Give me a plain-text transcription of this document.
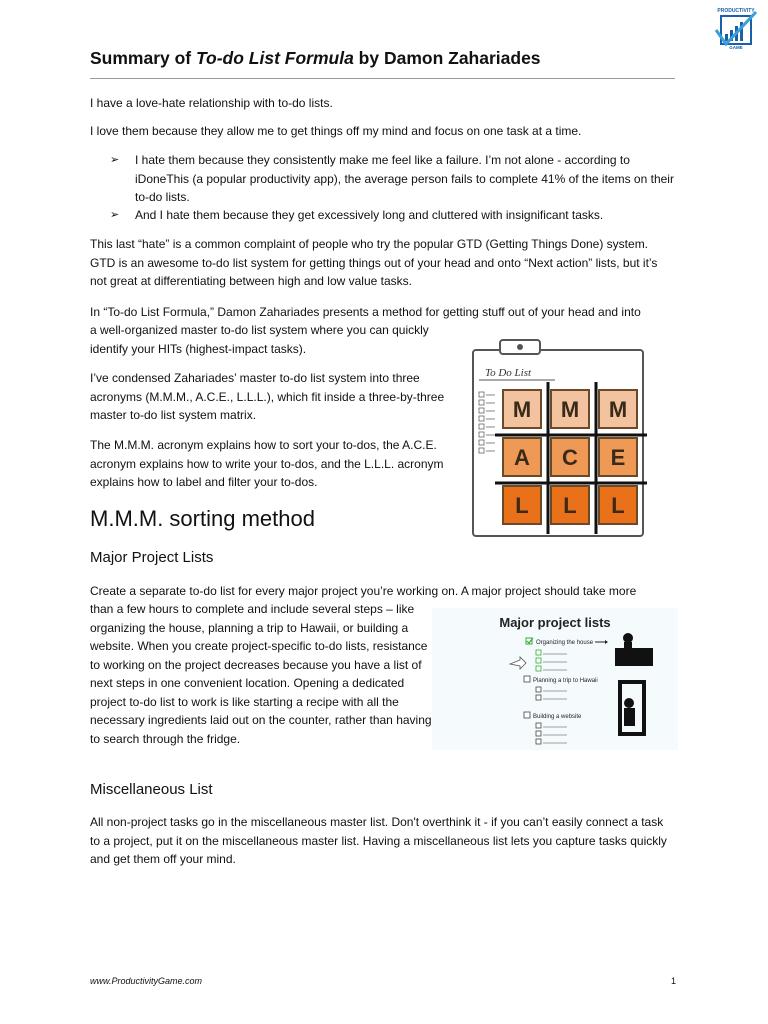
PRODUCTIVITY
GAME
Summary of To-do List Formula by Damon Zahariades

I have a love-hate relationship with to-do lists.

I love them because they allow me to get things off my mind and focus on one task at a time.

➢ I hate them because they consistently make me feel like a failure. I’m not alone - according to iDoneThis (a popular productivity app), the average person fails to complete 41% of the items on their to-do lists.
➢ And I hate them because they get excessively long and cluttered with insignificant tasks.

This last “hate” is a common complaint of people who try the popular GTD (Getting Things Done) system. GTD is an awesome to-do list system for getting things out of your head and onto “Next action” lists, but it’s not great at differentiating between high and low value tasks.

In “To-do List Formula,” Damon Zahariades presents a method for getting stuff out of your head and into

a well-organized master to-do list system where you can quickly identify your HITs (highest-impact tasks).

I’ve condensed Zahariades’ master to-do list system into three acronyms (M.M.M., A.C.E., L.L.L.), which fit inside a three-by-three master to-do list system matrix.

The M.M.M. acronym explains how to sort your to-dos, the A.C.E. acronym explains how to write your to-dos, and the L.L.L. acronym explains how to label and filter your to-dos.

To Do List
M M M
A C E
L L L
M.M.M. sorting method
Major Project Lists

Create a separate to-do list for every major project you’re working on. A major project should take more

than a few hours to complete and include several steps – like organizing the house, planning a trip to Hawaii, or building a website. When you create project-specific to-do lists, resistance to working on the project decreases because you have a list of next steps in one convenient location. Opening a dedicated project to-do list to work is like starting a recipe with all the necessary ingredients laid out on the counter, rather than having to search through the fridge.

Major project lists
Organizing the house
Planning a trip to Hawaii
Building a website
Miscellaneous List

All non-project tasks go in the miscellaneous master list. Don't overthink it - if you can’t easily connect a task to a project, put it on the miscellaneous master list. Having a miscellaneous list lets you capture tasks quickly and get them off your mind.

www.ProductivityGame.com	1
